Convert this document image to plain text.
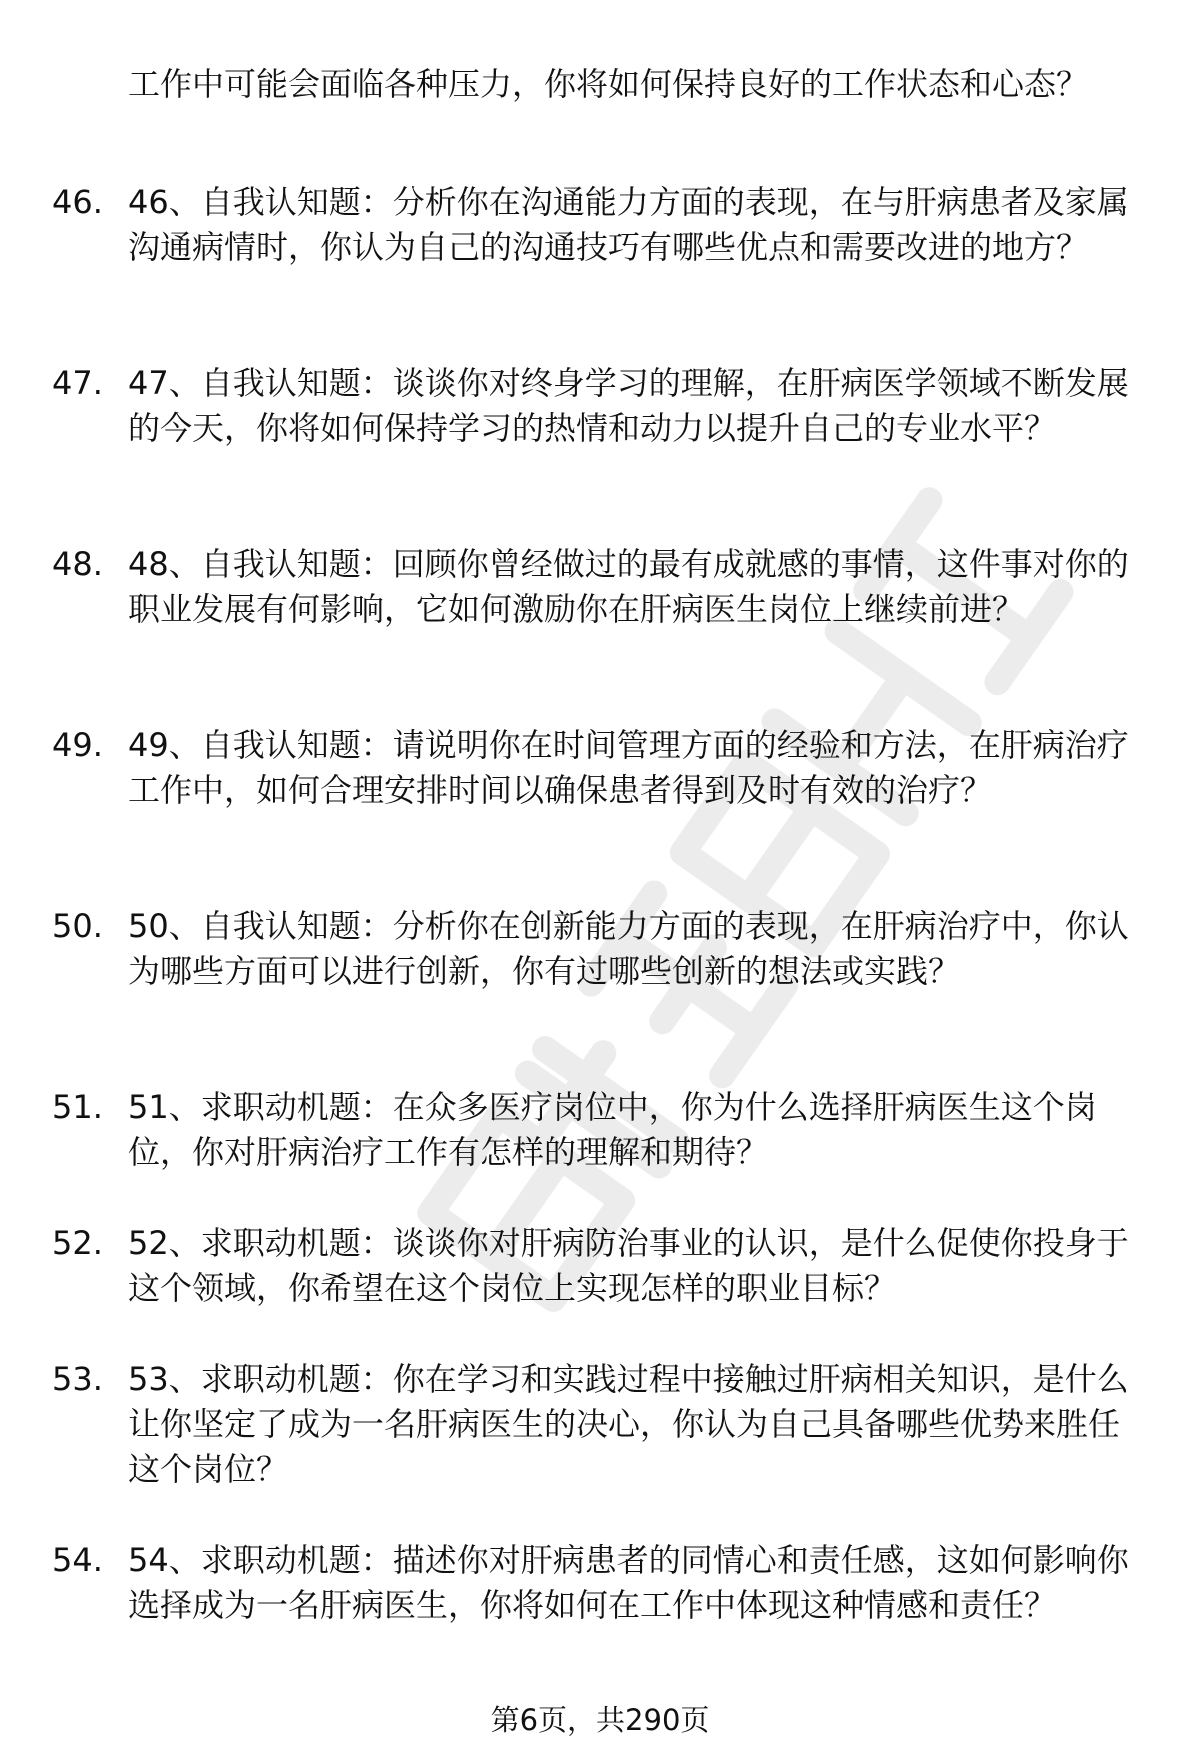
工作中可能会面临各种压力，你将如何保持良好的工作状态和心态？
46. 46、自我认知题：分析你在沟通能力方面的表现，在与肝病患者及家属沟通病情时，你认为自己的沟通技巧有哪些优点和需要改进的地方？
47. 47、自我认知题：谈谈你对终身学习的理解，在肝病医学领域不断发展的今天，你将如何保持学习的热情和动力以提升自己的专业水平？
48. 48、自我认知题：回顾你曾经做过的最有成就感的事情，这件事对你的职业发展有何影响，它如何激励你在肝病医生岗位上继续前进？
49. 49、自我认知题：请说明你在时间管理方面的经验和方法，在肝病治疗工作中，如何合理安排时间以确保患者得到及时有效的治疗？
50. 50、自我认知题：分析你在创新能力方面的表现，在肝病治疗中，你认为哪些方面可以进行创新，你有过哪些创新的想法或实践？
51. 51、求职动机题：在众多医疗岗位中，你为什么选择肝病医生这个岗位，你对肝病治疗工作有怎样的理解和期待？
52. 52、求职动机题：谈谈你对肝病防治事业的认识，是什么促使你投身于这个领域，你希望在这个岗位上实现怎样的职业目标？
53. 53、求职动机题：你在学习和实践过程中接触过肝病相关知识，是什么让你坚定了成为一名肝病医生的决心，你认为自己具备哪些优势来胜任这个岗位？
54. 54、求职动机题：描述你对肝病患者的同情心和责任感，这如何影响你选择成为一名肝病医生，你将如何在工作中体现这种情感和责任？
第6页，共290页
